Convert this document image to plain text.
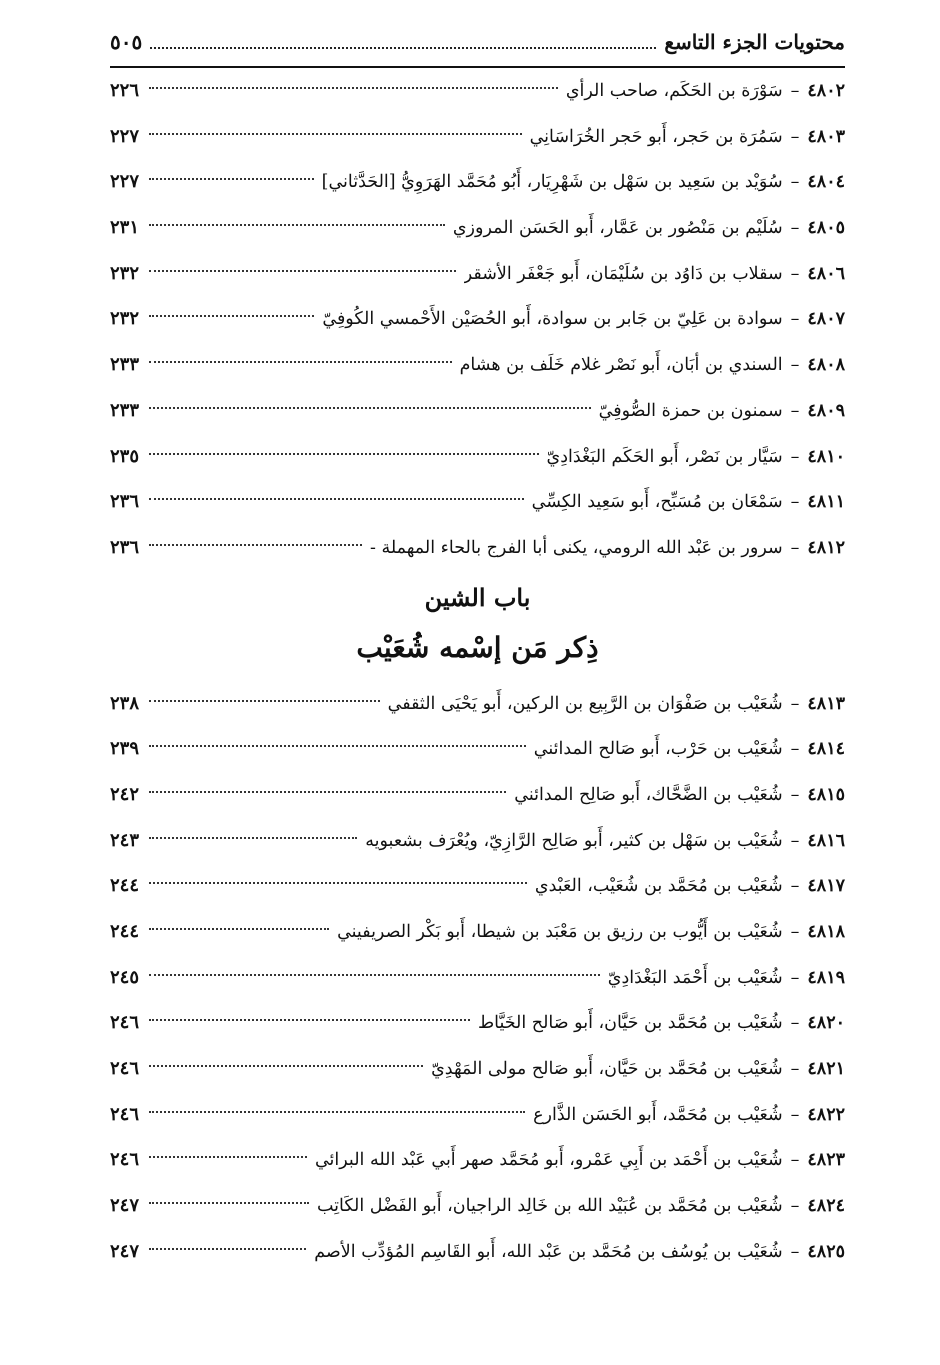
محتويات الجزء التاسع
٥٠٥
٤٨٠٢
–
سَوْرَة بن الحَكَم، صاحب الرأي
٢٢٦
٤٨٠٣
–
سَمُرَة بن حَجر، أَبو حَجر الخُرَاسَانِي
٢٢٧
٤٨٠٤
–
سُوَيْد بن سَعِيد بن سَهْل بن شَهْرِيَار، أَبُو مُحَمَّد الهَرَوِيُّ [الحَدَّثاني]
٢٢٧
٤٨٠٥
–
سُلَيْم بن مَنْصُور بن عَمَّار، أَبو الحَسَن المروزي
٢٣١
٤٨٠٦
–
سقلاب بن دَاوُد بن سُلَيْمَان، أَبو جَعْفَر الأشقر
٢٣٢
٤٨٠٧
–
سوادة بن عَلِيّ بن جَابر بن سوادة، أَبو الحُصَيْن الأَحْمسي الكُوفِيّ
٢٣٢
٤٨٠٨
–
السندي بن أبَان، أَبو نَصْر غلام خَلَف بن هشام
٢٣٣
٤٨٠٩
–
سمنون بن حمزة الصُّوفِيّ
٢٣٣
٤٨١٠
–
سَيَّار بن نَصْر، أَبو الحَكَم البَغْدَادِيّ
٢٣٥
٤٨١١
–
سَمْعَان بن مُسَبِّح، أَبو سَعِيد الكِسِّي
٢٣٦
٤٨١٢
–
سرور بن عَبْد الله الرومي، يكنى أبا الفرج بالحاء المهملة -
٢٣٦
باب الشين
ذِكر مَن إسْمه شُعَيْب
٤٨١٣
–
شُعَيْب بن صَفْوَان بن الرَّبِيع بن الركين، أَبو يَحْيَى الثقفي
٢٣٨
٤٨١٤
–
شُعَيْب بن حَرْب، أَبو صَالح المدائني
٢٣٩
٤٨١٥
–
شُعَيْب بن الضَّحَّاك، أَبو صَالِح المدائني
٢٤٢
٤٨١٦
–
شُعَيْب بن سَهْل بن كثير، أَبو صَالِح الرَّازِيّ، ويُعْرَف بشعبويه
٢٤٣
٤٨١٧
–
شُعَيْب بن مُحَمَّد بن شُعَيْب، العَبْدي
٢٤٤
٤٨١٨
–
شُعَيْب بن أَيُّوب بن رزيق بن مَعْبَد بن شيطا، أَبو بَكْر الصريفيني
٢٤٤
٤٨١٩
–
شُعَيْب بن أَحْمَد البَغْدَادِيّ
٢٤٥
٤٨٢٠
–
شُعَيْب بن مُحَمَّد بن حَيَّان، أَبو صَالح الخَيَّاط
٢٤٦
٤٨٢١
–
شُعَيْب بن مُحَمَّد بن حَيَّان، أَبو صَالح مولى المَهْدِيّ
٢٤٦
٤٨٢٢
–
شُعَيْب بن مُحَمَّد، أَبو الحَسَن الذَّارع
٢٤٦
٤٨٢٣
–
شُعَيْب بن أَحْمَد بن أَبِي عَمْرو، أَبو مُحَمَّد صهر أَبي عَبْد الله البرائي
٢٤٦
٤٨٢٤
–
شُعَيْب بن مُحَمَّد بن عُبَيْد الله بن خَالِد الراجيان، أَبو الفَضْل الكَاتِب
٢٤٧
٤٨٢٥
–
شُعَيْب بن يُوسُف بن مُحَمَّد بن عَبْد الله، أَبو القَاسِم المُؤدِّب الأصم
٢٤٧
